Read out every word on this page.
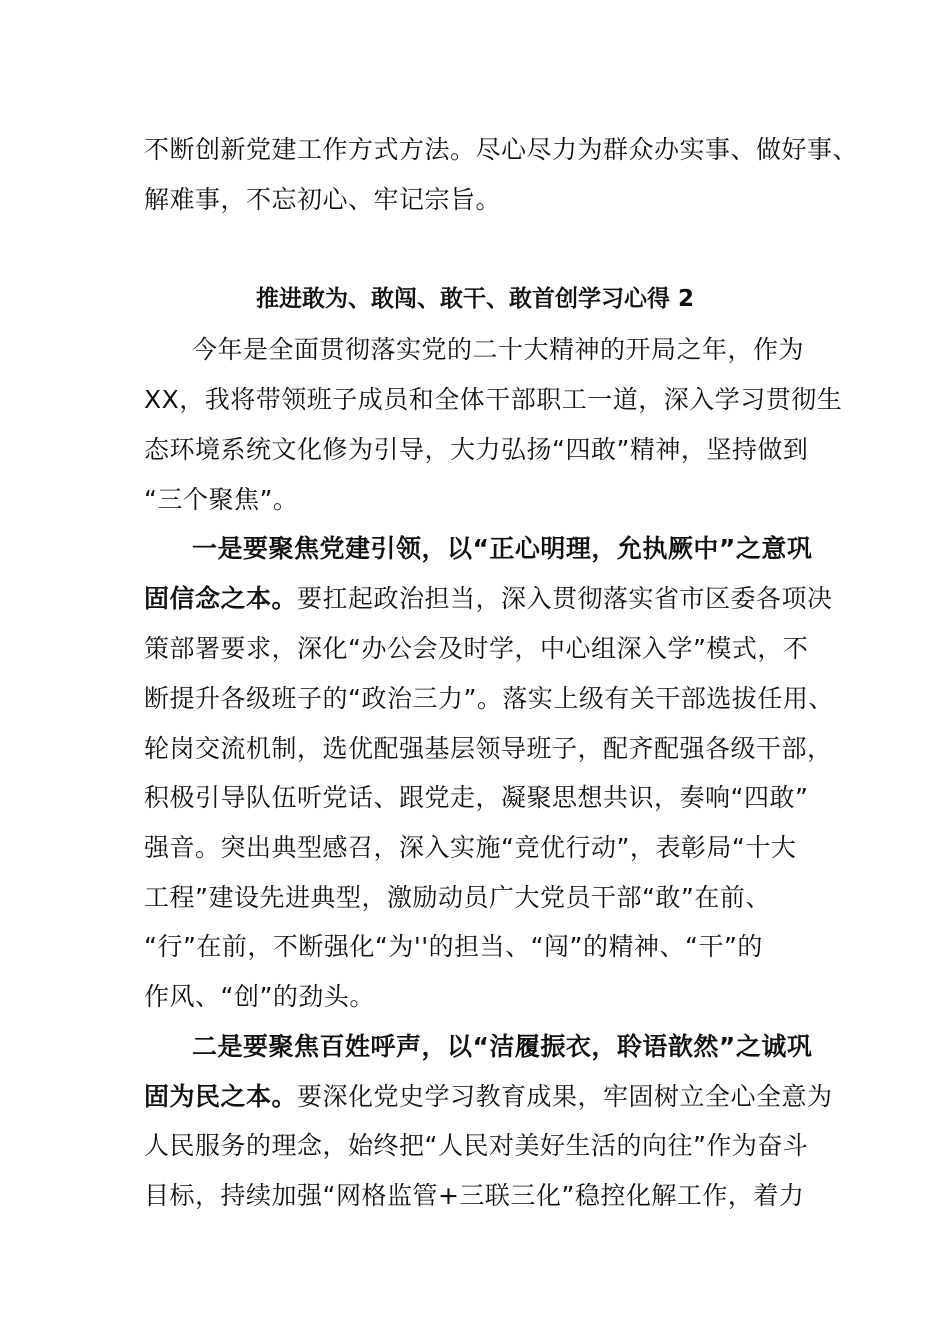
不断创新党建工作方式方法。尽心尽力为群众办实事、做好事、
解难事，不忘初心、牢记宗旨。
推进敢为、敢闯、敢干、敢首创学习心得 2
今年是全面贯彻落实党的二十大精神的开局之年，作为
XX，我将带领班子成员和全体干部职工一道，深入学习贯彻生
态环境系统文化修为引导，大力弘扬“四敢”精神，坚持做到
“三个聚焦”。
一是要聚焦党建引领，以“正心明理，允执厥中”之意巩
固信念之本。要扛起政治担当，深入贯彻落实省市区委各项决
策部署要求，深化“办公会及时学，中心组深入学”模式，不
断提升各级班子的“政治三力”。落实上级有关干部选拔任用、
轮岗交流机制，选优配强基层领导班子，配齐配强各级干部，
积极引导队伍听党话、跟党走，凝聚思想共识，奏响“四敢”
强音。突出典型感召，深入实施“竞优行动”，表彰局“十大
工程”建设先进典型，激励动员广大党员干部“敢”在前、
“行”在前，不断强化“为''的担当、“闯”的精神、“干”的
作风、“创”的劲头。
二是要聚焦百姓呼声，以“洁履振衣，聆语歆然”之诚巩
固为民之本。要深化党史学习教育成果，牢固树立全心全意为
人民服务的理念，始终把“人民对美好生活的向往”作为奋斗
目标，持续加强“网格监管+三联三化”稳控化解工作，着力
